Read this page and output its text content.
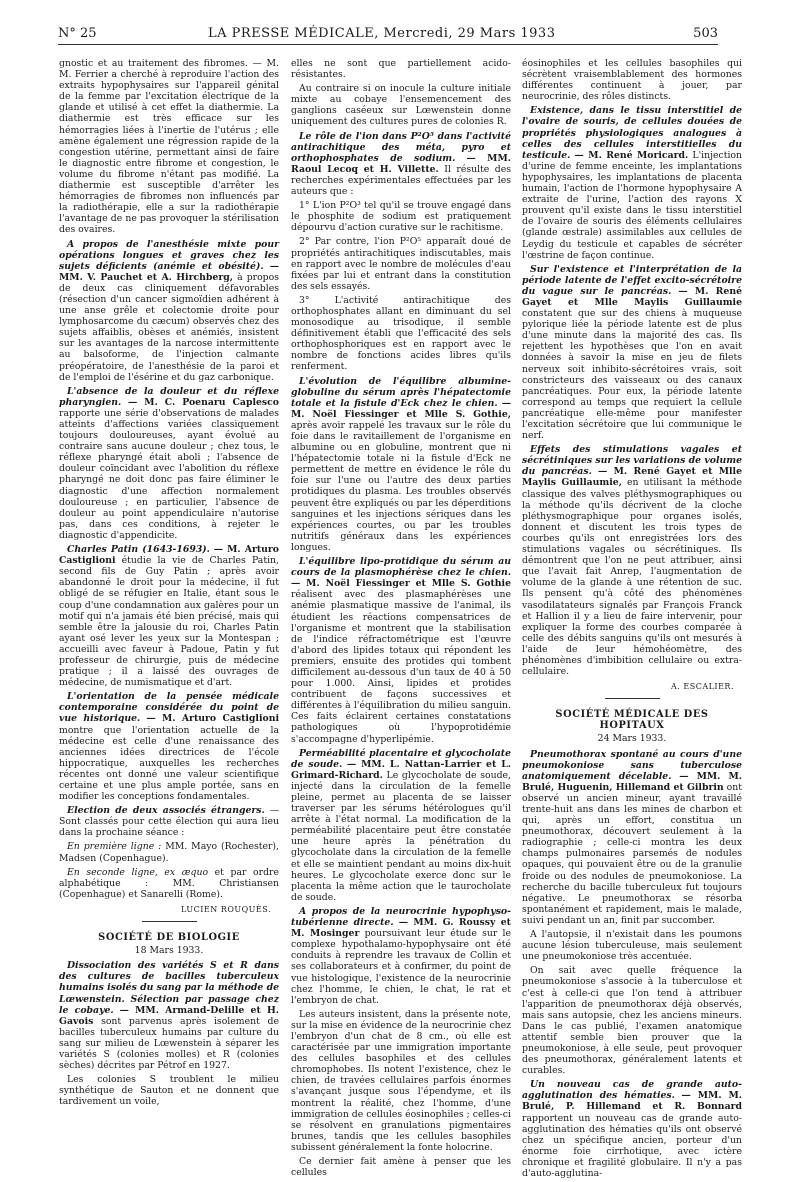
N° 25	LA PRESSE MÉDICALE, Mercredi, 29 Mars 1933	503

gnostic et au traitement des fibromes. — M. M. Ferrier a cherché à reproduire l'action des extraits hypophysaires sur l'appareil génital de la femme par l'excitation électrique de la glande et utilisé à cet effet la diathermie. La diathermie est très efficace sur les hémorragies liées à l'inertie de l'utérus ; elle amène également une régression rapide de la congestion utérine, permettant ainsi de faire le diagnostic entre fibrome et congestion, le volume du fibrome n'étant pas modifié. La diathermie est susceptible d'arrêter les hémorragies de fibromes non influencés par la radiothérapie, elle a sur la radiothérapie l'avantage de ne pas provoquer la stérilisation des ovaires.

A propos de l'anesthésie mixte pour opérations longues et graves chez les sujets déficients (anémie et obésité). — MM. V. Pauchet et A. Hirchberg, à propos de deux cas cliniquement défavorables (résection d'un cancer sigmoïdien adhérent à une anse grêle et colectomie droite pour lymphosarcome du cæcum) observés chez des sujets affaiblis, obèses et anémiés, insistent sur les avantages de la narcose intermittente au balsoforme, de l'injection calmante préopératoire, de l'anesthésie de la paroi et de l'emploi de l'ésérine et du gaz carbonique.

L'absence de la douleur et du réflexe pharyngien. — M. C. Poenaru Caplesco rapporte une série d'observations de malades atteints d'affections variées classiquement toujours douloureuses, ayant évolué au contraire sans aucune douleur ; chez tous, le réflexe pharyngé était aboli ; l'absence de douleur coïncidant avec l'abolition du réflexe pharyngé ne doit donc pas faire éliminer le diagnostic d'une affection normalement douloureuse ; en particulier, l'absence de douleur au point appendiculaire n'autorise pas, dans ces conditions, à rejeter le diagnostic d'appendicite.

Charles Patin (1643-1693). — M. Arturo Castiglioni étudie la vie de Charles Patin, second fils de Guy Patin ; après avoir abandonné le droit pour la médecine, il fut obligé de se réfugier en Italie, étant sous le coup d'une condamnation aux galères pour un motif qui n'a jamais été bien précisé, mais qui semble être la jalousie du roi, Charles Patin ayant osé lever les yeux sur la Montespan ; accueilli avec faveur à Padoue, Patin y fut professeur de chirurgie, puis de médecine pratique ; il a laissé des ouvrages de médecine, de numismatique et d'art.

L'orientation de la pensée médicale contemporaine considérée du point de vue historique. — M. Arturo Castiglioni montre que l'orientation actuelle de la médecine est celle d'une renaissance des anciennes idées directrices de l'école hippocratique, auxquelles les recherches récentes ont donné une valeur scientifique certaine et une plus ample portée, sans en modifier les conceptions fondamentales.

Election de deux associés étrangers. — Sont classés pour cette élection qui aura lieu dans la prochaine séance :

En première ligne : MM. Mayo (Rochester), Madsen (Copenhague).

En seconde ligne, ex æquo et par ordre alphabétique : MM. Christiansen (Copenhague) et Sanarelli (Rome).

LUCIEN ROUQUÈS.
SOCIÉTÉ DE BIOLOGIE
18 Mars 1933.

Dissociation des variétés S et R dans des cultures de bacilles tuberculeux humains isolés du sang par la méthode de Lœwenstein. Sélection par passage chez le cobaye. — MM. Armand-Delille et H. Gavois sont parvenus après isolement de bacilles tuberculeux humains par culture du sang sur milieu de Lœwenstein à séparer les variétés S (colonies molles) et R (colonies sèches) décrites par Pétrof en 1927.

Les colonies S troublent le milieu synthétique de Sauton et ne donnent que tardivement un voile,

elles ne sont que partiellement acido-résistantes.

Au contraire si on inocule la culture initiale mixte au cobaye l'ensemencement des ganglions caséeux sur Lœwenstein donne uniquement des cultures pures de colonies R.

Le rôle de l'ion dans P²O⁵ dans l'activité antirachitique des méta, pyro et orthophosphates de sodium. — MM. Raoul Lecoq et H. Villette. Il résulte des recherches expérimentales effectuées par les auteurs que :

1° L'ion P²O³ tel qu'il se trouve engagé dans le phosphite de sodium est pratiquement dépourvu d'action curative sur le rachitisme.

2° Par contre, l'ion P²O⁵ apparaît doué de propriétés antirachitiques indiscutables, mais en rapport avec le nombre de molécules d'eau fixées par lui et entrant dans la constitution des sels essayés.

3° L'activité antirachitique des orthophosphates allant en diminuant du sel monosodique au trisodique, il semble définitivement établi que l'efficacité des sels orthophosphoriques est en rapport avec le nombre de fonctions acides libres qu'ils renferment.

L'évolution de l'équilibre albumine-globuline du sérum après l'hépatectomie totale et la fistule d'Eck chez le chien. — M. Noël Fiessinger et Mlle S. Gothie, après avoir rappelé les travaux sur le rôle du foie dans le ravitaillement de l'organisme en albumine ou en globuline, montrent que ni l'hépatectomie totale ni la fistule d'Eck ne permettent de mettre en évidence le rôle du foie sur l'une ou l'autre des deux parties protidiques du plasma. Les troubles observés peuvent être expliqués ou par les déperditions sanguines et les injections sériques dans les expériences courtes, ou par les troubles nutritifs généraux dans les expériences longues.

L'équilibre lipo-protidique du sérum au cours de la plasmophérèse chez le chien. — M. Noël Fiessinger et Mlle S. Gothie réalisent avec des plasmaphérèses une anémie plasmatique massive de l'animal, ils étudient les réactions compensatrices de l'organisme et montrent que la stabilisation de l'indice réfractométrique est l'œuvre d'abord des lipides totaux qui répondent les premiers, ensuite des protides qui tombent difficilement au-dessous d'un taux de 40 à 50 pour 1.000. Ainsi, lipides et protides contribuent de façons successives et différentes à l'équilibration du milieu sanguin. Ces faits éclairent certaines constatations pathologiques où l'hypoprotidémie s'accompagne d'hyperlipémie.

Perméabilité placentaire et glycocholate de soude. — MM. L. Nattan-Larrier et L. Grimard-Richard. Le glycocholate de soude, injecté dans la circulation de la femelle pleine, permet au placenta de se laisser traverser par les sérums hétérologues qu'il arrête à l'état normal. La modification de la perméabilité placentaire peut être constatée une heure après la pénétration du glycocholate dans la circulation de la femelle et elle se maintient pendant au moins dix-huit heures. Le glycocholate exerce donc sur le placenta la même action que le taurocholate de soude.

A propos de la neurocrinie hypophyso-tubérienne directe. — MM. G. Roussy et M. Mosinger poursuivant leur étude sur le complexe hypothalamo-hypophysaire ont été conduits à reprendre les travaux de Collin et ses collaborateurs et à confirmer, du point de vue histologique, l'existence de la neurocrinie chez l'homme, le chien, le chat, le rat et l'embryon de chat.

Les auteurs insistent, dans la présente note, sur la mise en évidence de la neurocrinie chez l'embryon d'un chat de 8 cm., où elle est caractérisée par une immigration importante des cellules basophiles et des cellules chromophobes. Ils notent l'existence, chez le chien, de travées cellulaires parfois énormes s'avançant jusque sous l'épendyme, et ils montrent la réalité, chez l'homme, d'une immigration de cellules éosinophiles ; celles-ci se résolvent en granulations pigmentaires brunes, tandis que les cellules basophiles subissent généralement la fonte holocrine.

Ce dernier fait amène à penser que les cellules

éosinophiles et les cellules basophiles qui sécrètent vraisemblablement des hormones différentes continuent à jouer, par neurocrinie, des rôles distincts.

Existence, dans le tissu interstitiel de l'ovaire de souris, de cellules douées de propriétés physiologiques analogues à celles des cellules interstitielles du testicule. — M. René Moricard. L'injection d'urine de femme enceinte, les implantations hypophysaires, les implantations de placenta humain, l'action de l'hormone hypophysaire A extraite de l'urine, l'action des rayons X prouvent qu'il existe dans le tissu interstitiel de l'ovaire de souris des éléments cellulaires (glande œstrale) assimilables aux cellules de Leydig du testicule et capables de sécréter l'œstrine de façon continue.

Sur l'existence et l'interprétation de la période latente de l'effet excito-sécrétoire du vague sur le pancréas. — M. René Gayet et Mlle Maylis Guillaumie constatent que sur des chiens à muqueuse pylorique liée la période latente est de plus d'une minute dans la majorité des cas. Ils rejettent les hypothèses que l'on en avait données à savoir la mise en jeu de filets nerveux soit inhibito-sécrétoires vrais, soit constricteurs des vaisseaux ou des canaux pancréatiques. Pour eux, la période latente correspond au temps que requiert la cellule pancréatique elle-même pour manifester l'excitation sécrétoire que lui communique le nerf.

Effets des stimulations vagales et sécrétiniques sur les variations de volume du pancréas. — M. René Gayet et Mlle Maylis Guillaumie, en utilisant la méthode classique des valves pléthysmographiques ou la méthode qu'ils décrivent de la cloche pléthysmographique pour organes isolés, donnent et discutent les trois types de courbes qu'ils ont enregistrées lors des stimulations vagales ou sécrétiniques. Ils démontrent que l'on ne peut attribuer, ainsi que l'avait fait Anrep, l'augmentation de volume de la glande à une rétention de suc. Ils pensent qu'à côté des phénomènes vasodilatateurs signalés par François Franck et Hallion il y a lieu de faire intervenir, pour expliquer la forme des courbes comparée à celle des débits sanguins qu'ils ont mesurés à l'aide de leur hémohéomètre, des phénomènes d'imbibition cellulaire ou extra-cellulaire.

A. ESCALIER.
SOCIÉTÉ MÉDICALE DES HOPITAUX
24 Mars 1933.

Pneumothorax spontané au cours d'une pneumokoniose sans tuberculose anatomiquement décelable. — MM. M. Brulé, Huguenin, Hillemand et Gilbrin ont observé un ancien mineur, ayant travaillé trente-huit ans dans les mines de charbon et qui, après un effort, constitua un pneumothorax, découvert seulement à la radiographie ; celle-ci montra les deux champs pulmonaires parsemés de nodules opaques, qui pouvaient être ou de la granulie froide ou des nodules de pneumokoniose. La recherche du bacille tuberculeux fut toujours négative. Le pneumothorax se résorba spontanément et rapidement, mais le malade, suivi pendant un an, finit par succomber.

A l'autopsie, il n'existait dans les poumons aucune lésion tuberculeuse, mais seulement une pneumokoniose très accentuée.

On sait avec quelle fréquence la pneumokoniose s'associe à la tuberculose et c'est à celle-ci que l'on tend à attribuer l'apparition de pneumothorax déjà observés, mais sans autopsie, chez les anciens mineurs. Dans le cas publié, l'examen anatomique attentif semble bien prouver que la pneumokoniose, à elle seule, peut provoquer des pneumothorax, généralement latents et curables.

Un nouveau cas de grande auto-agglutination des hématies. — MM. M. Brulé, P. Hillemand et R. Bonnard rapportent un nouveau cas de grande auto-agglutination des hématies qu'ils ont observé chez un spécifique ancien, porteur d'un énorme foie cirrhotique, avec ictère chronique et fragilité globulaire. Il n'y a pas d'auto-agglutina-
